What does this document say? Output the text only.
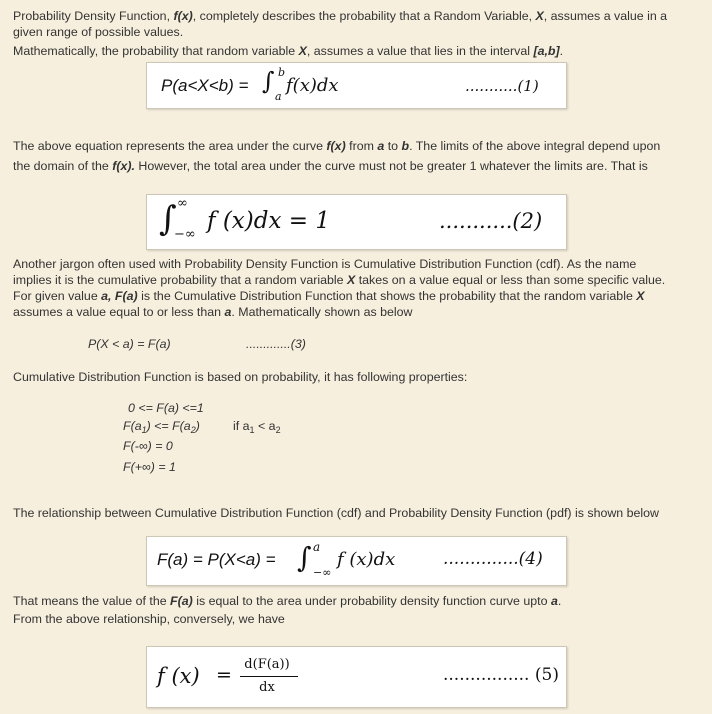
Probability Density Function, f(x), completely describes the probability that a Random Variable, X, assumes a value in a

given range of possible values.

Mathematically, the probability that random variable X, assumes a value that lies in the interval [a,b].

P(a<X<b) = ∫ b
a
f(x)dx	...........(1)

The above equation represents the area under the curve f(x) from a to b. The limits of the above integral depend upon

the domain of the f(x). However, the total area under the curve must not be greater 1 whatever the limits are. That is

∫ ∞
−∞
f (x)dx = 1	...........(2)

Another jargon often used with Probability Density Function is Cumulative Distribution Function (cdf). As the name

implies it is the cumulative probability that a random variable X takes on a value equal or less than some specific value.

For given value a, F(a) is the Cumulative Distribution Function that shows the probability that the random variable X

assumes a value equal to or less than a. Mathematically shown as below

P(X < a) = F(a)	.............(3)

Cumulative Distribution Function is based on probability, it has following properties:

0 <= F(a) <=1
$F(a_1) <= F(a_2)$	if $a_1 < a_2$
F(-∞) = 0
F(+∞) = 1

The relationship between Cumulative Distribution Function (cdf) and Probability Density Function (pdf) is shown below

F(a) = P(X<a) = ∫ a
−∞
f (x)dx	..............(4)

That means the value of the F(a) is equal to the area under probability density function curve upto a.

From the above relationship, conversely, we have

f (x) = d(F(a))
dx
................ (5)
